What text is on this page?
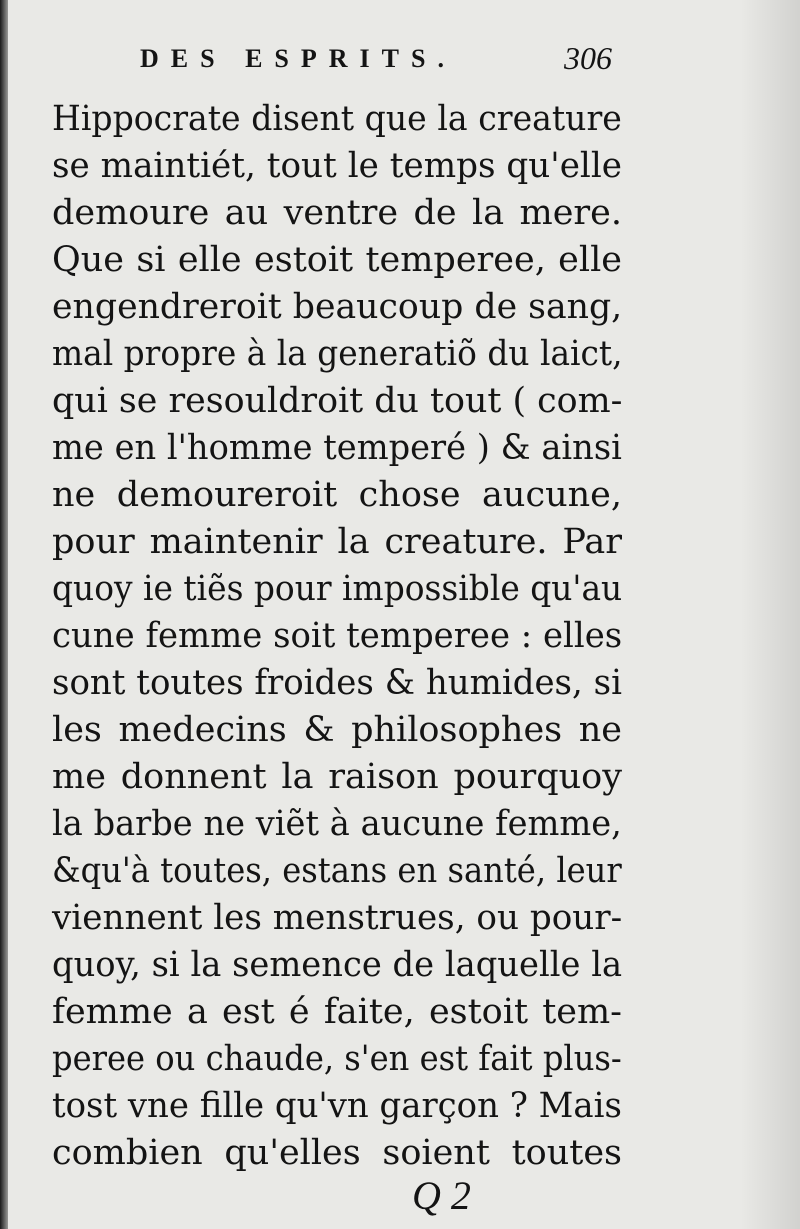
DES ESPRITS.	306
Hippocrate disent que la creature
se maintiét, tout le temps qu'elle
demoure au ventre de la mere.
Que si elle estoit temperee, elle
engendreroit beaucoup de sang,
mal propre à la generatiõ du laict,
qui se resouldroit du tout ( com-
me en l'homme temperé ) & ainsi
ne demoureroit chose aucune,
pour maintenir la creature. Par
quoy ie tiẽs pour impossible qu'au
cune femme soit temperee : elles
sont toutes froides & humides, si
les medecins & philosophes ne
me donnent la raison pourquoy
la barbe ne viẽt à aucune femme,
&qu'à toutes, estans en santé, leur
viennent les menstrues, ou pour-
quoy, si la semence de laquelle la
femme a est é faite, estoit tem-
peree ou chaude, s'en est fait plus-
tost vne fille qu'vn garçon ? Mais
combien qu'elles soient toutes
Q 2
